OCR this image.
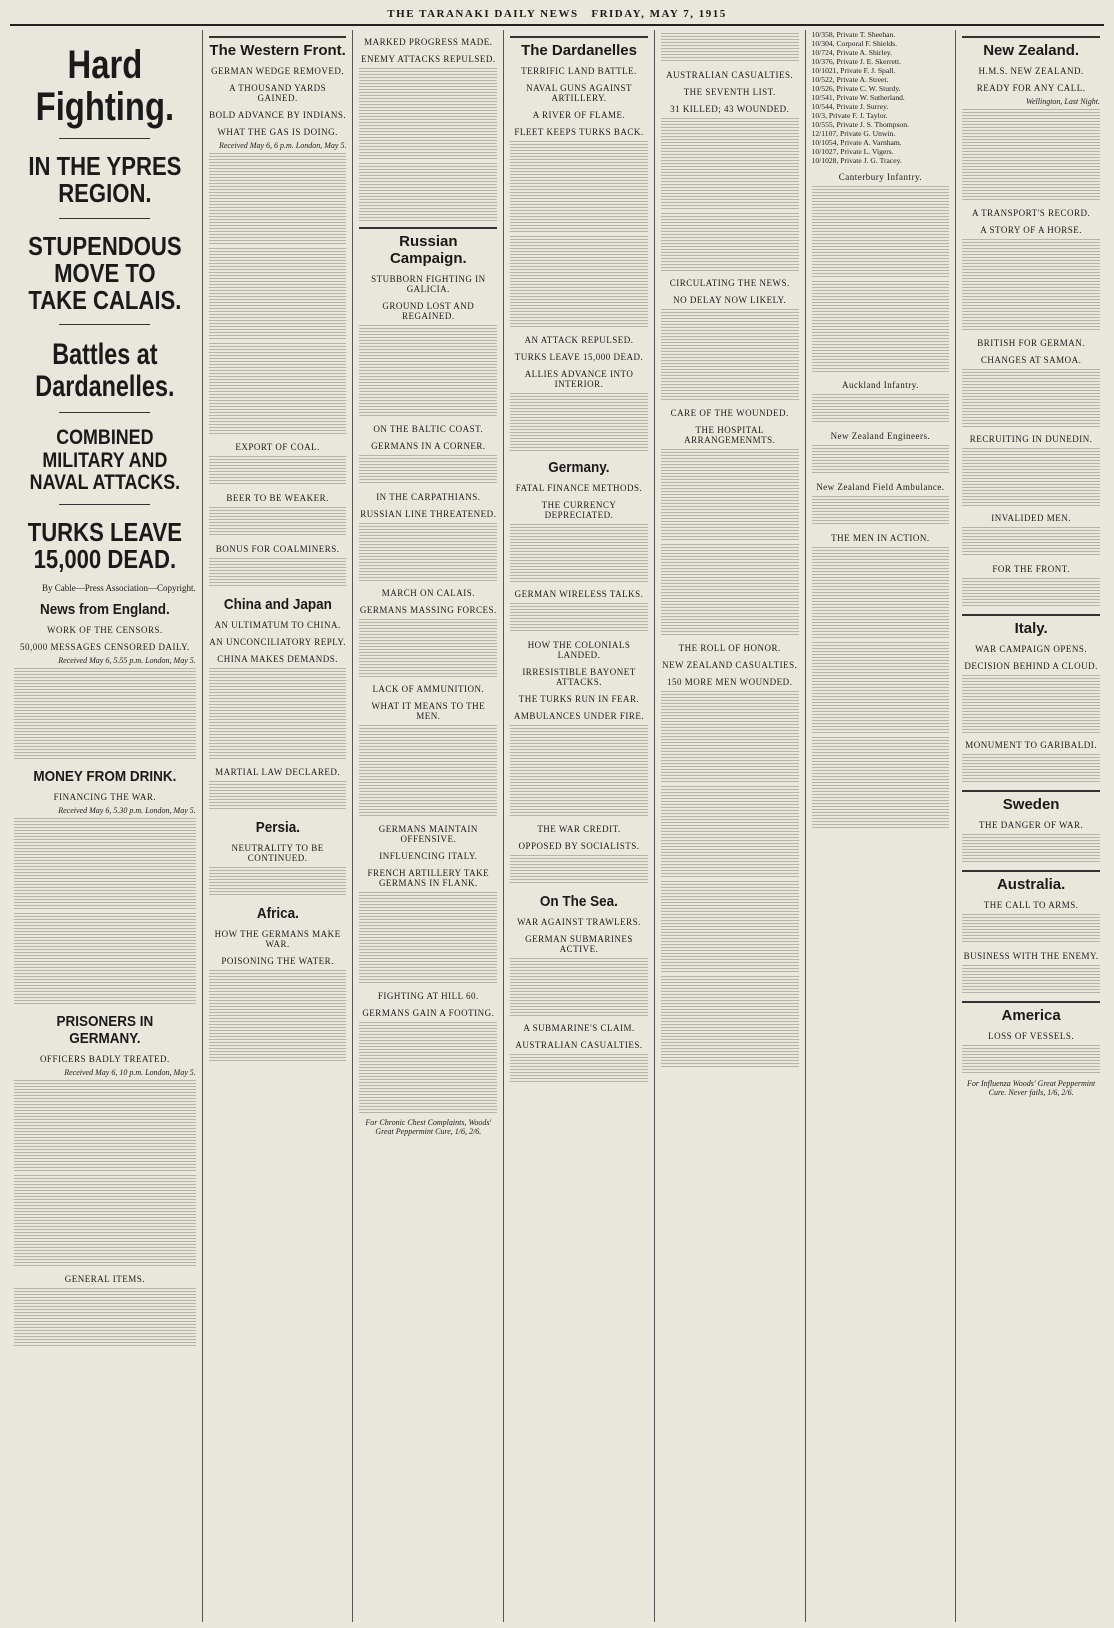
THE TARANAKI DAILY NEWS FRIDAY, MAY 7, 1915
Hard Fighting.
IN THE YPRES REGION.
STUPENDOUS MOVE TO TAKE CALAIS.
Battles at Dardanelles.
COMBINED MILITARY AND NAVAL ATTACKS.
TURKS LEAVE 15,000 DEAD.
By Cable—Press Association—Copyright.
News from England.
WORK OF THE CENSORS.
50,000 MESSAGES CENSORED DAILY.
Received May 6, 5.55 p.m. London, May 5.
MONEY FROM DRINK.
FINANCING THE WAR.
Received May 6, 5.30 p.m. London, May 5.
PRISONERS IN GERMANY.
OFFICERS BADLY TREATED.
Received May 6, 10 p.m. London, May 5.
GENERAL ITEMS.
The Western Front.
GERMAN WEDGE REMOVED.
A THOUSAND YARDS GAINED.
BOLD ADVANCE BY INDIANS.
WHAT THE GAS IS DOING.
Received May 6, 6 p.m. London, May 5.
EXPORT OF COAL.
BEER TO BE WEAKER.
BONUS FOR COALMINERS.
China and Japan
AN ULTIMATUM TO CHINA.
AN UNCONCILIATORY REPLY.
CHINA MAKES DEMANDS.
MARTIAL LAW DECLARED.
Persia.
NEUTRALITY TO BE CONTINUED.
Africa.
HOW THE GERMANS MAKE WAR.
POISONING THE WATER.
MARKED PROGRESS MADE.
ENEMY ATTACKS REPULSED.
Russian Campaign.
STUBBORN FIGHTING IN GALICIA.
GROUND LOST AND REGAINED.
ON THE BALTIC COAST.
GERMANS IN A CORNER.
IN THE CARPATHIANS.
RUSSIAN LINE THREATENED.
MARCH ON CALAIS.
GERMANS MASSING FORCES.
LACK OF AMMUNITION.
WHAT IT MEANS TO THE MEN.
GERMANS MAINTAIN OFFENSIVE.
INFLUENCING ITALY.
FRENCH ARTILLERY TAKE GERMANS IN FLANK.
FIGHTING AT HILL 60.
GERMANS GAIN A FOOTING.
For Chronic Chest Complaints, Woods' Great Peppermint Cure, 1/6, 2/6.
The Dardanelles
TERRIFIC LAND BATTLE.
NAVAL GUNS AGAINST ARTILLERY.
A RIVER OF FLAME.
FLEET KEEPS TURKS BACK.
AN ATTACK REPULSED.
TURKS LEAVE 15,000 DEAD.
ALLIES ADVANCE INTO INTERIOR.
Germany.
FATAL FINANCE METHODS.
THE CURRENCY DEPRECIATED.
GERMAN WIRELESS TALKS.
HOW THE COLONIALS LANDED.
IRRESISTIBLE BAYONET ATTACKS.
THE TURKS RUN IN FEAR.
AMBULANCES UNDER FIRE.
THE WAR CREDIT.
OPPOSED BY SOCIALISTS.
On The Sea.
WAR AGAINST TRAWLERS.
GERMAN SUBMARINES ACTIVE.
A SUBMARINE'S CLAIM.
AUSTRALIAN CASUALTIES.
AUSTRALIAN CASUALTIES.
THE SEVENTH LIST.
31 KILLED; 43 WOUNDED.
CIRCULATING THE NEWS.
NO DELAY NOW LIKELY.
CARE OF THE WOUNDED.
THE HOSPITAL ARRANGEMENMTS.
THE ROLL OF HONOR.
NEW ZEALAND CASUALTIES.
150 MORE MEN WOUNDED.
10/358, Private T. Sheehan.
10/304, Corporal F. Shields.
10/724, Private A. Shirley.
10/376, Private J. E. Skerrett.
10/1021, Private F. J. Spall.
10/522, Private A. Street.
10/526, Private C. W. Sturdy.
10/541, Private W. Sutherland.
10/544, Private J. Surrey.
10/3, Private F. J. Taylor.
10/555, Private J. S. Thompson.
12/1107, Private G. Unwin.
10/1054, Private A. Varnham.
10/1027, Private L. Vigers.
10/1028, Private J. G. Tracey.
Canterbury Infantry.
Auckland Infantry.
New Zealand Engineers.
New Zealand Field Ambulance.
THE MEN IN ACTION.
New Zealand.
H.M.S. NEW ZEALAND.
READY FOR ANY CALL.
Wellington, Last Night.
A TRANSPORT'S RECORD.
A STORY OF A HORSE.
BRITISH FOR GERMAN.
CHANGES AT SAMOA.
RECRUITING IN DUNEDIN.
INVALIDED MEN.
FOR THE FRONT.
Italy.
WAR CAMPAIGN OPENS.
DECISION BEHIND A CLOUD.
MONUMENT TO GARIBALDI.
Sweden
THE DANGER OF WAR.
Australia.
THE CALL TO ARMS.
BUSINESS WITH THE ENEMY.
America
LOSS OF VESSELS.
For Influenza Woods' Great Peppermint Cure. Never fails, 1/6, 2/6.
